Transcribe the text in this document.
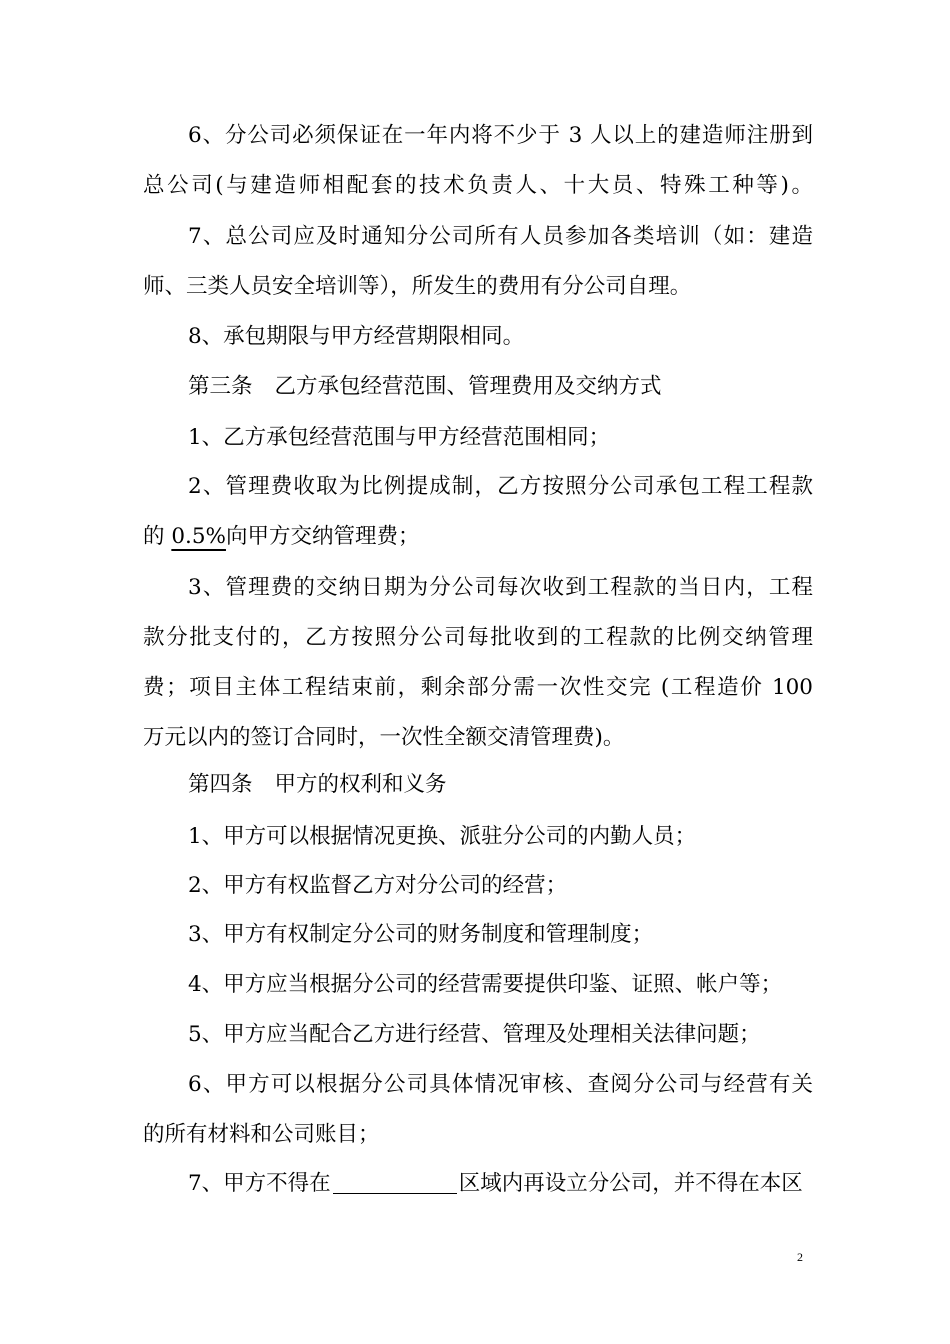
6、分公司必须保证在一年内将不少于 3 人以上的建造师注册到
总公司(与建造师相配套的技术负责人、十大员、特殊工种等)。
7、总公司应及时通知分公司所有人员参加各类培训（如：建造
师、三类人员安全培训等），所发生的费用有分公司自理。
8、承包期限与甲方经营期限相同。
第三条 乙方承包经营范围、管理费用及交纳方式
1、乙方承包经营范围与甲方经营范围相同；
2、管理费收取为比例提成制，乙方按照分公司承包工程工程款
的 0.5%向甲方交纳管理费；
3、管理费的交纳日期为分公司每次收到工程款的当日内，工程
款分批支付的，乙方按照分公司每批收到的工程款的比例交纳管理
费；项目主体工程结束前，剩余部分需一次性交完 (工程造价 100
万元以内的签订合同时，一次性全额交清管理费)。
第四条 甲方的权利和义务
1、甲方可以根据情况更换、派驻分公司的内勤人员；
2、甲方有权监督乙方对分公司的经营；
3、甲方有权制定分公司的财务制度和管理制度；
4、甲方应当根据分公司的经营需要提供印鉴、证照、帐户等；
5、甲方应当配合乙方进行经营、管理及处理相关法律问题；
6、甲方可以根据分公司具体情况审核、查阅分公司与经营有关
的所有材料和公司账目；
7、甲方不得在	区域内再设立分公司，并不得在本区
2
